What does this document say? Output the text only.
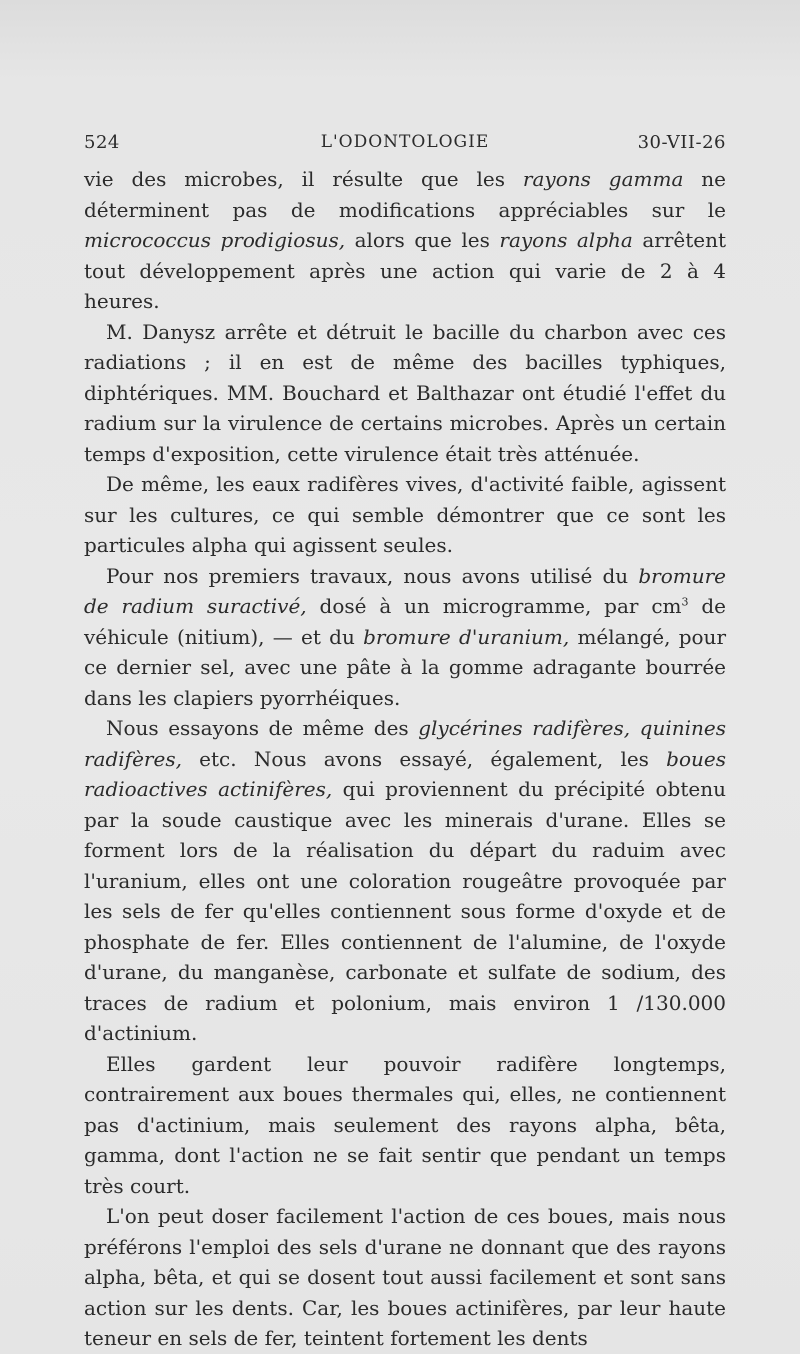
524	L'ODONTOLOGIE	30-VII-26

vie des microbes, il résulte que les rayons gamma ne déterminent pas de modifications appréciables sur le micrococcus prodigiosus, alors que les rayons alpha arrêtent tout développement après une action qui varie de 2 à 4 heures.

M. Danysz arrête et détruit le bacille du charbon avec ces radiations ; il en est de même des bacilles typhiques, diphtériques. MM. Bouchard et Balthazar ont étudié l'effet du radium sur la virulence de certains microbes. Après un certain temps d'exposition, cette virulence était très atténuée.

De même, les eaux radifères vives, d'activité faible, agissent sur les cultures, ce qui semble démontrer que ce sont les particules alpha qui agissent seules.

Pour nos premiers travaux, nous avons utilisé du bromure de radium suractivé, dosé à un microgramme, par $cm^3$ de véhicule (nitium), — et du bromure d'uranium, mélangé, pour ce dernier sel, avec une pâte à la gomme adragante bourrée dans les clapiers pyorrhéiques.

Nous essayons de même des glycérines radifères, quinines radifères, etc. Nous avons essayé, également, les boues radioactives actinifères, qui proviennent du précipité obtenu par la soude caustique avec les minerais d'urane. Elles se forment lors de la réalisation du départ du raduim avec l'uranium, elles ont une coloration rougeâtre provoquée par les sels de fer qu'elles contiennent sous forme d'oxyde et de phosphate de fer. Elles contiennent de l'alumine, de l'oxyde d'urane, du manganèse, carbonate et sulfate de sodium, des traces de radium et polonium, mais environ 1 /130.000 d'actinium.

Elles gardent leur pouvoir radifère longtemps, contrairement aux boues thermales qui, elles, ne contiennent pas d'actinium, mais seulement des rayons alpha, bêta, gamma, dont l'action ne se fait sentir que pendant un temps très court.

L'on peut doser facilement l'action de ces boues, mais nous préférons l'emploi des sels d'urane ne donnant que des rayons alpha, bêta, et qui se dosent tout aussi facilement et sont sans action sur les dents. Car, les boues actinifères, par leur haute teneur en sels de fer, teintent fortement les dents
